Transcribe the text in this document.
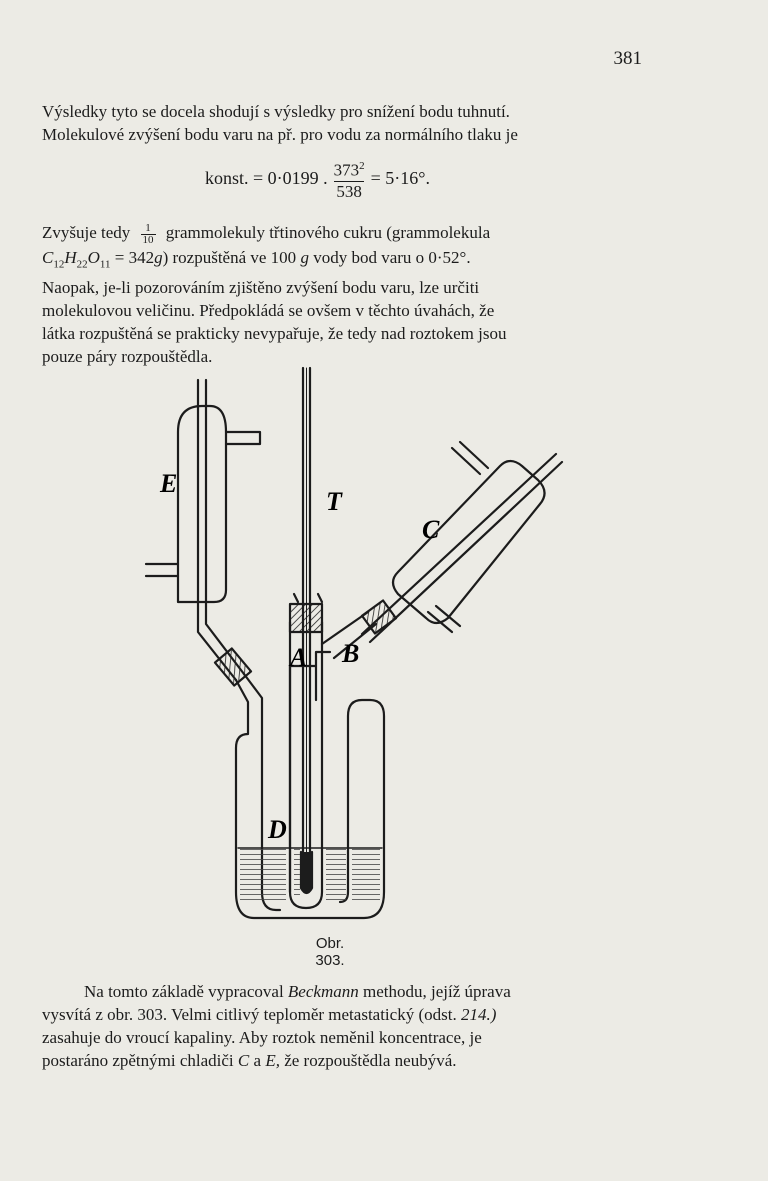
381
Výsledky tyto se docela shodují s výsledky pro snížení bodu tuhnutí.
Molekulové zvýšení bodu varu na př. pro vodu za normálního tlaku je
konst. = 0·0199 . $\frac{373^2}{538} = 5\cdot 16^\circ$.
Zvyšuje tedy $\frac{1}{10}$ grammolekuly třtinového cukru (grammolekula
$C_{12}H_{22}O_{11} = 342g$) rozpuštěná ve 100 g vody bod varu o 0·52°.
Naopak, je-li pozorováním zjištěno zvýšení bodu varu, lze určiti
molekulovou veličinu. Předpokládá se ovšem v těchto úvahách, že
látka rozpuštěná se prakticky nevypařuje, že tedy nad roztokem jsou
pouze páry rozpouštědla.
E
T
C
A B
D
Obr. 303.
Na tomto základě vypracoval Beckmann methodu, jejíž úprava
vysvítá z obr. 303. Velmi citlivý teploměr metastatický (odst. 214.)
zasahuje do vroucí kapaliny. Aby roztok neměnil koncentrace, je
postaráno zpětnými chladiči C a E, že rozpouštědla neubývá.
